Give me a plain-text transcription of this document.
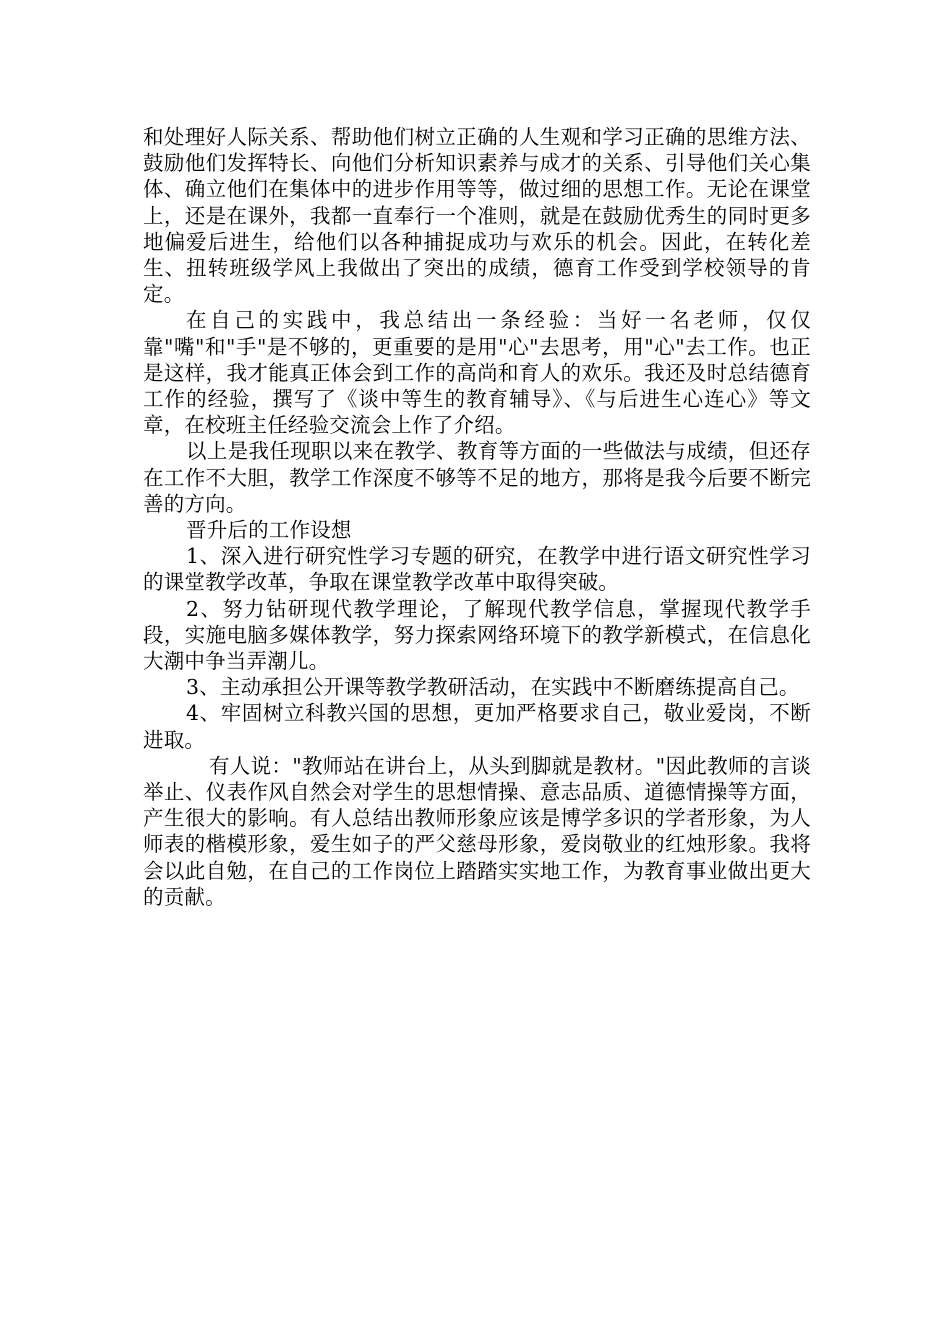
和处理好人际关系、帮助他们树立正确的人生观和学习正确的思维方法、鼓励他们发挥特长、向他们分析知识素养与成才的关系、引导他们关心集体、确立他们在集体中的进步作用等等，做过细的思想工作。无论在课堂上，还是在课外，我都一直奉行一个准则，就是在鼓励优秀生的同时更多地偏爱后进生，给他们以各种捕捉成功与欢乐的机会。因此，在转化差生、扭转班级学风上我做出了突出的成绩，德育工作受到学校领导的肯定。

在自己的实践中，我总结出一条经验：当好一名老师，仅仅靠"嘴"和"手"是不够的，更重要的是用"心"去思考，用"心"去工作。也正是这样，我才能真正体会到工作的高尚和育人的欢乐。我还及时总结德育工作的经验，撰写了《谈中等生的教育辅导》、《与后进生心连心》等文章，在校班主任经验交流会上作了介绍。

以上是我任现职以来在教学、教育等方面的一些做法与成绩，但还存在工作不大胆，教学工作深度不够等不足的地方，那将是我今后要不断完善的方向。

晋升后的工作设想

1、深入进行研究性学习专题的研究，在教学中进行语文研究性学习的课堂教学改革，争取在课堂教学改革中取得突破。

2、努力钻研现代教学理论，了解现代教学信息，掌握现代教学手段，实施电脑多媒体教学，努力探索网络环境下的教学新模式，在信息化大潮中争当弄潮儿。

3、主动承担公开课等教学教研活动，在实践中不断磨练提高自己。

4、牢固树立科教兴国的思想，更加严格要求自己，敬业爱岗，不断进取。

有人说："教师站在讲台上，从头到脚就是教材。"因此教师的言谈举止、仪表作风自然会对学生的思想情操、意志品质、道德情操等方面，产生很大的影响。有人总结出教师形象应该是博学多识的学者形象，为人师表的楷模形象，爱生如子的严父慈母形象，爱岗敬业的红烛形象。我将会以此自勉，在自己的工作岗位上踏踏实实地工作，为教育事业做出更大的贡献。
